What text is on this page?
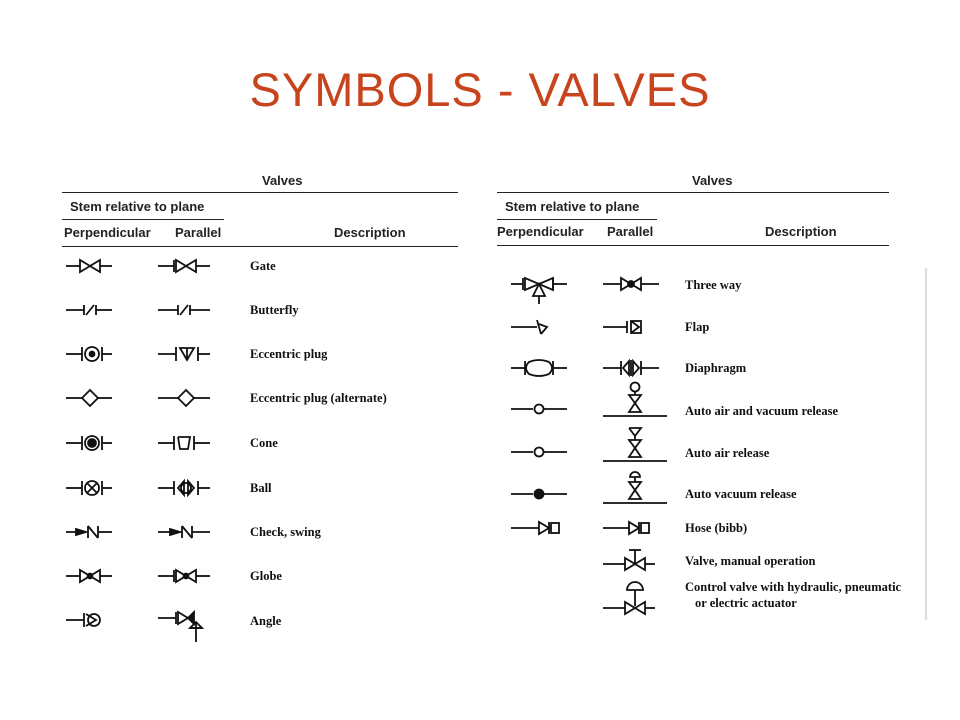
SYMBOLS - VALVES
Valves
Stem relative to plane
Perpendicular Parallel	Description
Gate
Butterfly
Eccentric plug
Eccentric plug (alternate)
Cone
Ball
Check, swing
Globe
Angle
Valves
Stem relative to plane
Perpendicular Parallel	Description
Three way
Flap
Diaphragm
Auto air and vacuum release
Auto air release
Auto vacuum release
Hose (bibb)
Valve, manual operation
Control valve with hydraulic, pneumatic
or electric actuator
